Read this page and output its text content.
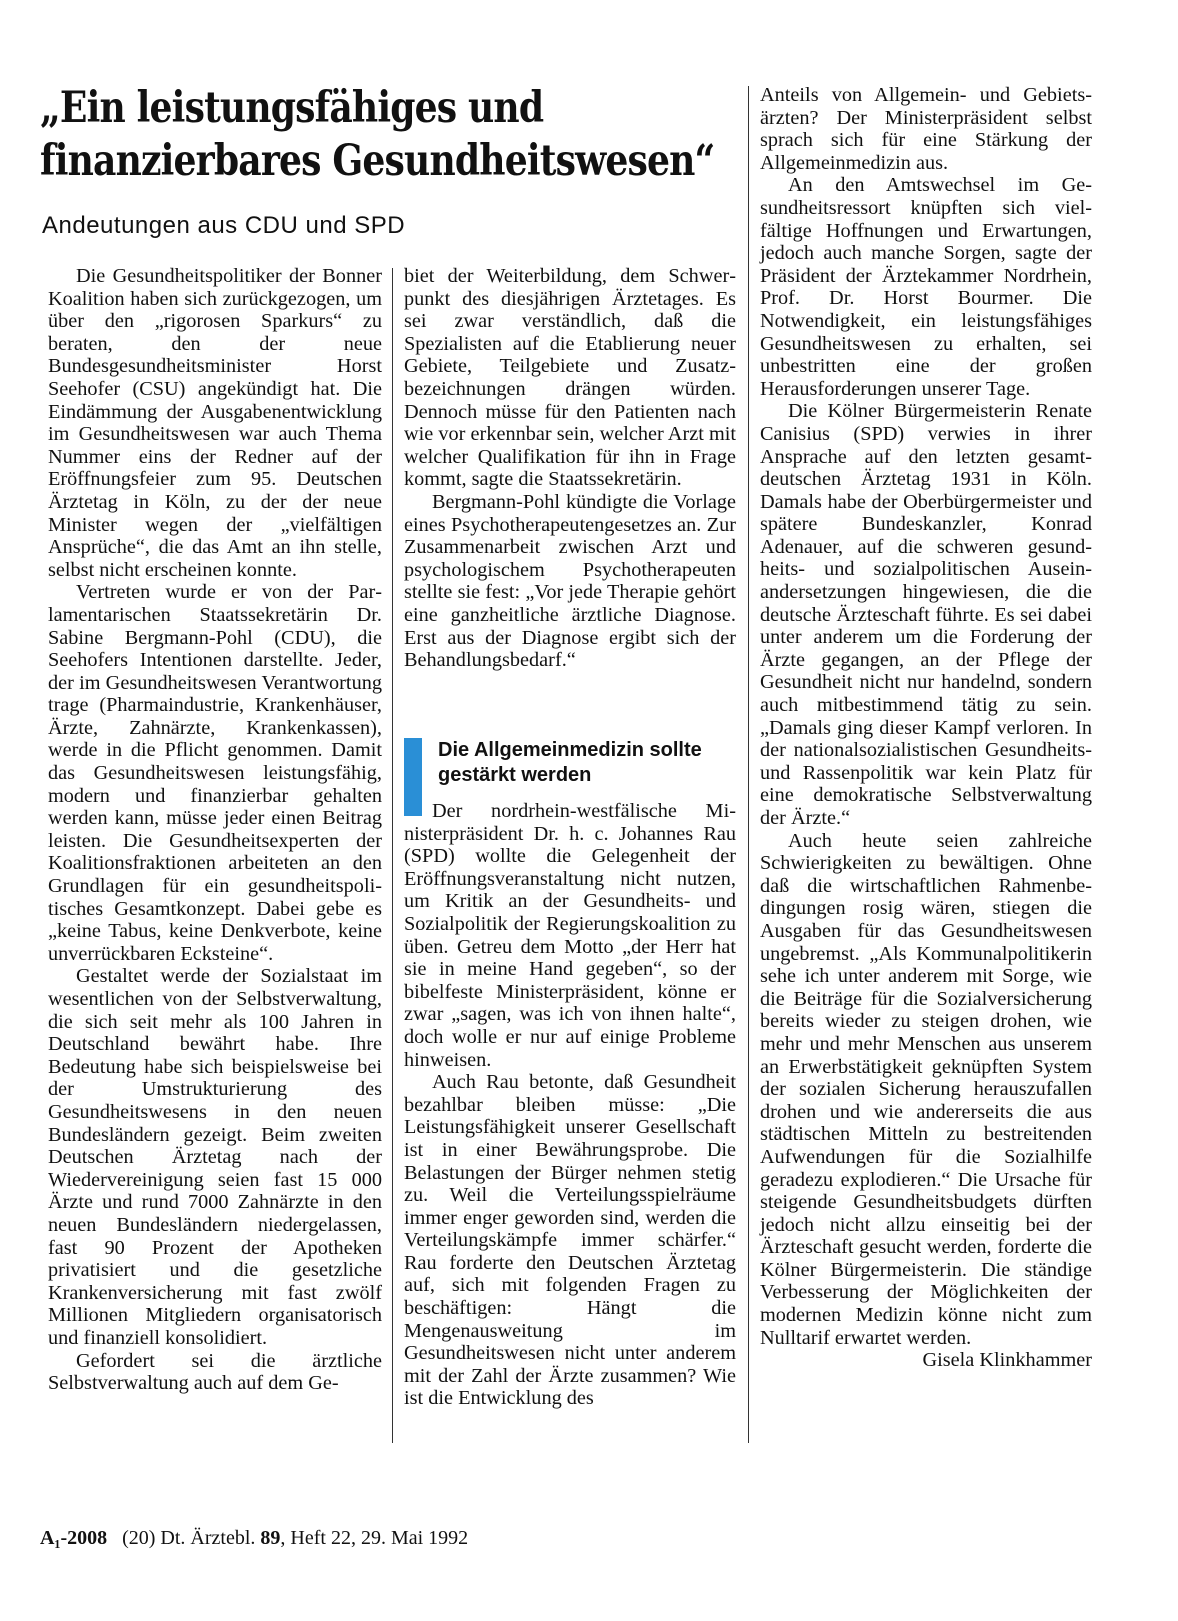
„Ein leistungsfähiges und
finanzierbares Gesundheitswesen“
Andeutungen aus CDU und SPD

Die Gesundheitspolitiker der Bonner Koalition haben sich zurückgezogen, um über den „rigorosen Sparkurs“ zu beraten, den der neue Bundesgesundheitsminister Horst Seehofer (CSU) angekündigt hat. Die Eindämmung der Ausgabenentwicklung im Gesundheitswesen war auch Thema Nummer eins der Redner auf der Eröffnungsfeier zum 95. Deutschen Ärztetag in Köln, zu der der neue Minister wegen der „vielfältigen Ansprüche“, die das Amt an ihn stelle, selbst nicht erscheinen konnte.

Vertreten wurde er von der Parlamentarischen Staatssekretärin Dr. Sabine Bergmann-Pohl (CDU), die Seehofers Intentionen darstellte. Jeder, der im Gesundheitswesen Verantwortung trage (Pharmaindustrie, Krankenhäuser, Ärzte, Zahnärzte, Krankenkassen), werde in die Pflicht genommen. Damit das Gesundheitswesen leistungsfähig, modern und finanzierbar gehalten werden kann, müsse jeder einen Beitrag leisten. Die Gesundheitsexperten der Koalitionsfraktionen arbeiteten an den Grundlagen für ein gesundheitspolitisches Gesamtkonzept. Dabei gebe es „keine Tabus, keine Denkverbote, keine unverrückbaren Ecksteine“.

Gestaltet werde der Sozialstaat im wesentlichen von der Selbstverwaltung, die sich seit mehr als 100 Jahren in Deutschland bewährt habe. Ihre Bedeutung habe sich beispielsweise bei der Umstrukturierung des Gesundheitswesens in den neuen Bundesländern gezeigt. Beim zweiten Deutschen Ärztetag nach der Wiedervereinigung seien fast 15 000 Ärzte und rund 7000 Zahnärzte in den neuen Bundesländern niedergelassen, fast 90 Prozent der Apotheken privatisiert und die gesetzliche Krankenversicherung mit fast zwölf Millionen Mitgliedern organisatorisch und finanziell konsolidiert.

Gefordert sei die ärztliche Selbstverwaltung auch auf dem Ge-

biet der Weiterbildung, dem Schwerpunkt des diesjährigen Ärztetages. Es sei zwar verständlich, daß die Spezialisten auf die Etablierung neuer Gebiete, Teilgebiete und Zusatzbezeichnungen drängen würden. Dennoch müsse für den Patienten nach wie vor erkennbar sein, welcher Arzt mit welcher Qualifikation für ihn in Frage kommt, sagte die Staatssekretärin.

Bergmann-Pohl kündigte die Vorlage eines Psychotherapeutengesetzes an. Zur Zusammenarbeit zwischen Arzt und psychologischem Psychotherapeuten stellte sie fest: „Vor jede Therapie gehört eine ganzheitliche ärztliche Diagnose. Erst aus der Diagnose ergibt sich der Behandlungsbedarf.“

Die Allgemeinmedizin sollte gestärkt werden

Der nordrhein-westfälische Ministerpräsident Dr. h. c. Johannes Rau (SPD) wollte die Gelegenheit der Eröffnungsveranstaltung nicht nutzen, um Kritik an der Gesundheits- und Sozialpolitik der Regierungskoalition zu üben. Getreu dem Motto „der Herr hat sie in meine Hand gegeben“, so der bibelfeste Ministerpräsident, könne er zwar „sagen, was ich von ihnen halte“, doch wolle er nur auf einige Probleme hinweisen.

Auch Rau betonte, daß Gesundheit bezahlbar bleiben müsse: „Die Leistungsfähigkeit unserer Gesellschaft ist in einer Bewährungsprobe. Die Belastungen der Bürger nehmen stetig zu. Weil die Verteilungsspielräume immer enger geworden sind, werden die Verteilungskämpfe immer schärfer.“ Rau forderte den Deutschen Ärztetag auf, sich mit folgenden Fragen zu beschäftigen: Hängt die Mengenausweitung im Gesundheitswesen nicht unter anderem mit der Zahl der Ärzte zusammen? Wie ist die Entwicklung des

Anteils von Allgemein- und Gebietsärzten? Der Ministerpräsident selbst sprach sich für eine Stärkung der Allgemeinmedizin aus.

An den Amtswechsel im Gesundheitsressort knüpften sich vielfältige Hoffnungen und Erwartungen, jedoch auch manche Sorgen, sagte der Präsident der Ärztekammer Nordrhein, Prof. Dr. Horst Bourmer. Die Notwendigkeit, ein leistungsfähiges Gesundheitswesen zu erhalten, sei unbestritten eine der großen Herausforderungen unserer Tage.

Die Kölner Bürgermeisterin Renate Canisius (SPD) verwies in ihrer Ansprache auf den letzten gesamtdeutschen Ärztetag 1931 in Köln. Damals habe der Oberbürgermeister und spätere Bundeskanzler, Konrad Adenauer, auf die schweren gesundheits- und sozialpolitischen Auseinandersetzungen hingewiesen, die die deutsche Ärzteschaft führte. Es sei dabei unter anderem um die Forderung der Ärzte gegangen, an der Pflege der Gesundheit nicht nur handelnd, sondern auch mitbestimmend tätig zu sein. „Damals ging dieser Kampf verloren. In der nationalsozialistischen Gesundheits- und Rassenpolitik war kein Platz für eine demokratische Selbstverwaltung der Ärzte.“

Auch heute seien zahlreiche Schwierigkeiten zu bewältigen. Ohne daß die wirtschaftlichen Rahmenbedingungen rosig wären, stiegen die Ausgaben für das Gesundheitswesen ungebremst. „Als Kommunalpolitikerin sehe ich unter anderem mit Sorge, wie die Beiträge für die Sozialversicherung bereits wieder zu steigen drohen, wie mehr und mehr Menschen aus unserem an Erwerbstätigkeit geknüpften System der sozialen Sicherung herauszufallen drohen und wie andererseits die aus städtischen Mitteln zu bestreitenden Aufwendungen für die Sozialhilfe geradezu explodieren.“ Die Ursache für steigende Gesundheitsbudgets dürften jedoch nicht allzu einseitig bei der Ärzteschaft gesucht werden, forderte die Kölner Bürgermeisterin. Die ständige Verbesserung der Möglichkeiten der modernen Medizin könne nicht zum Nulltarif erwartet werden.
Gisela Klinkhammer

A₁-2008 (20) Dt. Ärztebl. 89, Heft 22, 29. Mai 1992
